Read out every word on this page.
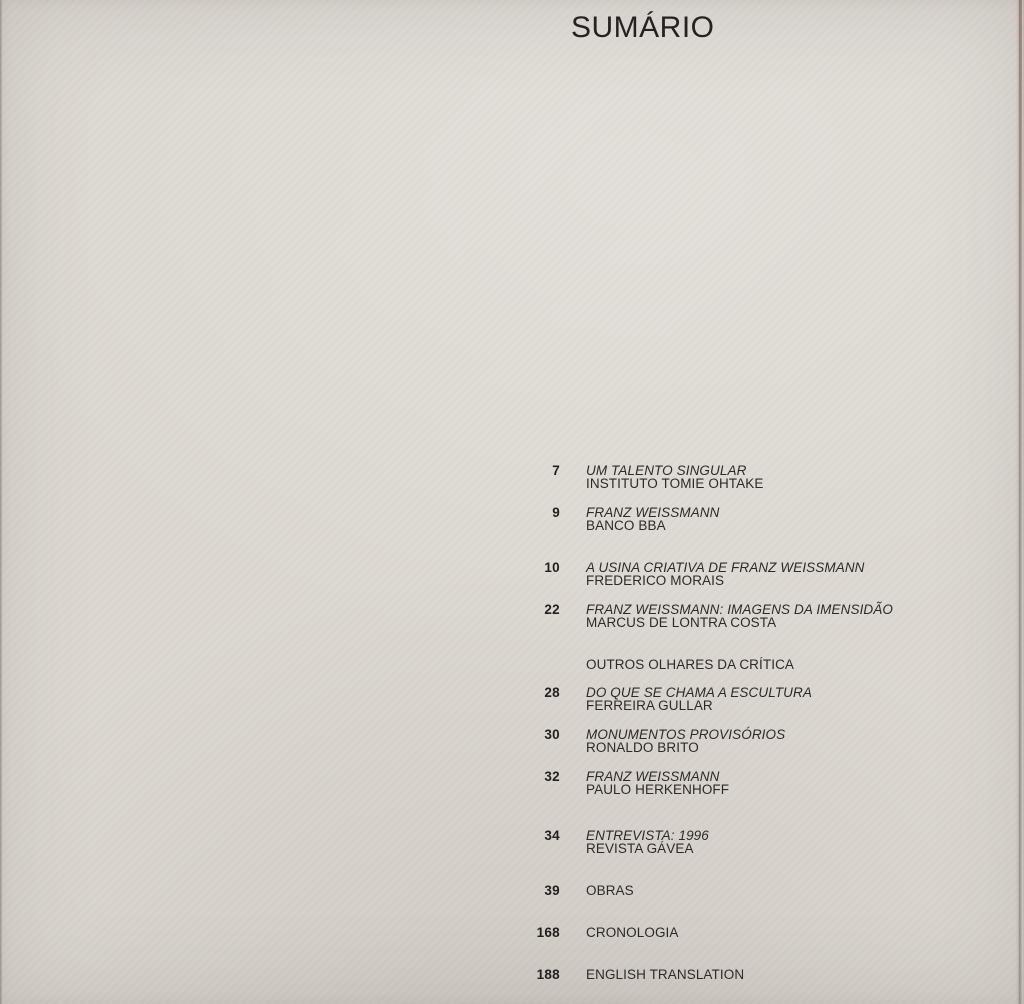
SUMÁRIO
7 UM TALENTO SINGULAR
INSTITUTO TOMIE OHTAKE
9 FRANZ WEISSMANN
BANCO BBA
10 A USINA CRIATIVA DE FRANZ WEISSMANN
FREDERICO MORAIS
22 FRANZ WEISSMANN: IMAGENS DA IMENSIDÃO
MARCUS DE LONTRA COSTA
OUTROS OLHARES DA CRÍTICA
28 DO QUE SE CHAMA A ESCULTURA
FERREIRA GULLAR
30 MONUMENTOS PROVISÓRIOS
RONALDO BRITO
32 FRANZ WEISSMANN
PAULO HERKENHOFF
34 ENTREVISTA: 1996
REVISTA GÁVEA
39 OBRAS
168 CRONOLOGIA
188 ENGLISH TRANSLATION
